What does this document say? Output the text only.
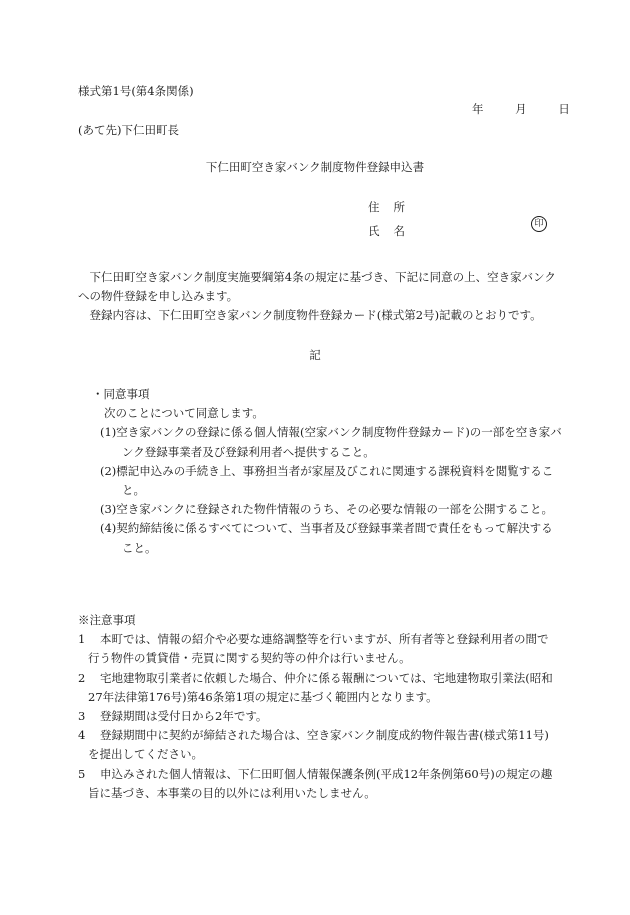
様式第1号(第4条関係)
年	月	日
(あて先)下仁田町長
下仁田町空き家バンク制度物件登録申込書
住所
氏名	印

下仁田町空き家バンク制度実施要綱第4条の規定に基づき、下記に同意の上、空き家バンクへの物件登録を申し込みます。

登録内容は、下仁田町空き家バンク制度物件登録カード(様式第2号)記載のとおりです。

記

・同意事項

次のことについて同意します。

(1)空き家バンクの登録に係る個人情報(空家バンク制度物件登録カード)の一部を空き家バンク登録事業者及び登録利用者へ提供すること。
(2)標記申込みの手続き上、事務担当者が家屋及びこれに関連する課税資料を閲覧すること。
(3)空き家バンクに登録された物件情報のうち、その必要な情報の一部を公開すること。
(4)契約締結後に係るすべてについて、当事者及び登録事業者間で責任をもって解決すること。

※注意事項

1 本町では、情報の紹介や必要な連絡調整等を行いますが、所有者等と登録利用者の間で行う物件の賃貸借・売買に関する契約等の仲介は行いません。
2 宅地建物取引業者に依頼した場合、仲介に係る報酬については、宅地建物取引業法(昭和27年法律第176号)第46条第1項の規定に基づく範囲内となります。
3 登録期間は受付日から2年です。
4 登録期間中に契約が締結された場合は、空き家バンク制度成約物件報告書(様式第11号)を提出してください。
5 申込みされた個人情報は、下仁田町個人情報保護条例(平成12年条例第60号)の規定の趣旨に基づき、本事業の目的以外には利用いたしません。
